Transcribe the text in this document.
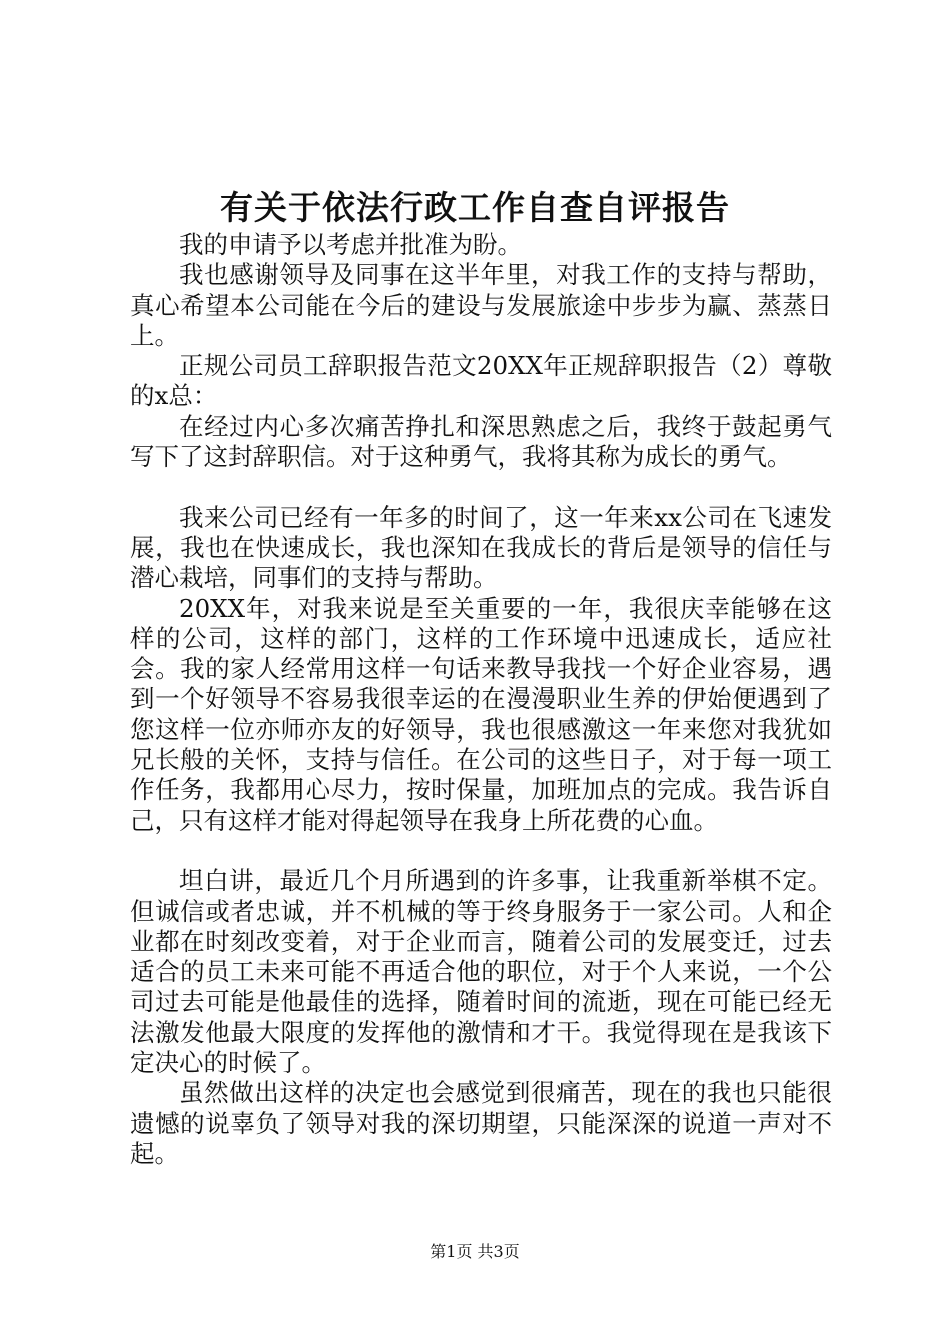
有关于依法行政工作自查自评报告

我的申请予以考虑并批准为盼。

我也感谢领导及同事在这半年里，对我工作的支持与帮助，真心希望本公司能在今后的建设与发展旅途中步步为赢、蒸蒸日上。

正规公司员工辞职报告范文20XX年正规辞职报告（2）尊敬的x总：

在经过内心多次痛苦挣扎和深思熟虑之后，我终于鼓起勇气写下了这封辞职信。对于这种勇气，我将其称为成长的勇气。

我来公司已经有一年多的时间了，这一年来xx公司在飞速发展，我也在快速成长，我也深知在我成长的背后是领导的信任与潜心栽培，同事们的支持与帮助。

20XX年，对我来说是至关重要的一年，我很庆幸能够在这样的公司，这样的部门，这样的工作环境中迅速成长，适应社会。我的家人经常用这样一句话来教导我找一个好企业容易，遇到一个好领导不容易我很幸运的在漫漫职业生养的伊始便遇到了您这样一位亦师亦友的好领导，我也很感激这一年来您对我犹如兄长般的关怀，支持与信任。在公司的这些日子，对于每一项工作任务，我都用心尽力，按时保量，加班加点的完成。我告诉自己，只有这样才能对得起领导在我身上所花费的心血。

坦白讲，最近几个月所遇到的许多事，让我重新举棋不定。但诚信或者忠诚，并不机械的等于终身服务于一家公司。人和企业都在时刻改变着，对于企业而言，随着公司的发展变迁，过去适合的员工未来可能不再适合他的职位，对于个人来说，一个公司过去可能是他最佳的选择，随着时间的流逝，现在可能已经无法激发他最大限度的发挥他的激情和才干。我觉得现在是我该下定决心的时候了。

虽然做出这样的决定也会感觉到很痛苦，现在的我也只能很遗憾的说辜负了领导对我的深切期望，只能深深的说道一声对不起。

第1页 共3页
